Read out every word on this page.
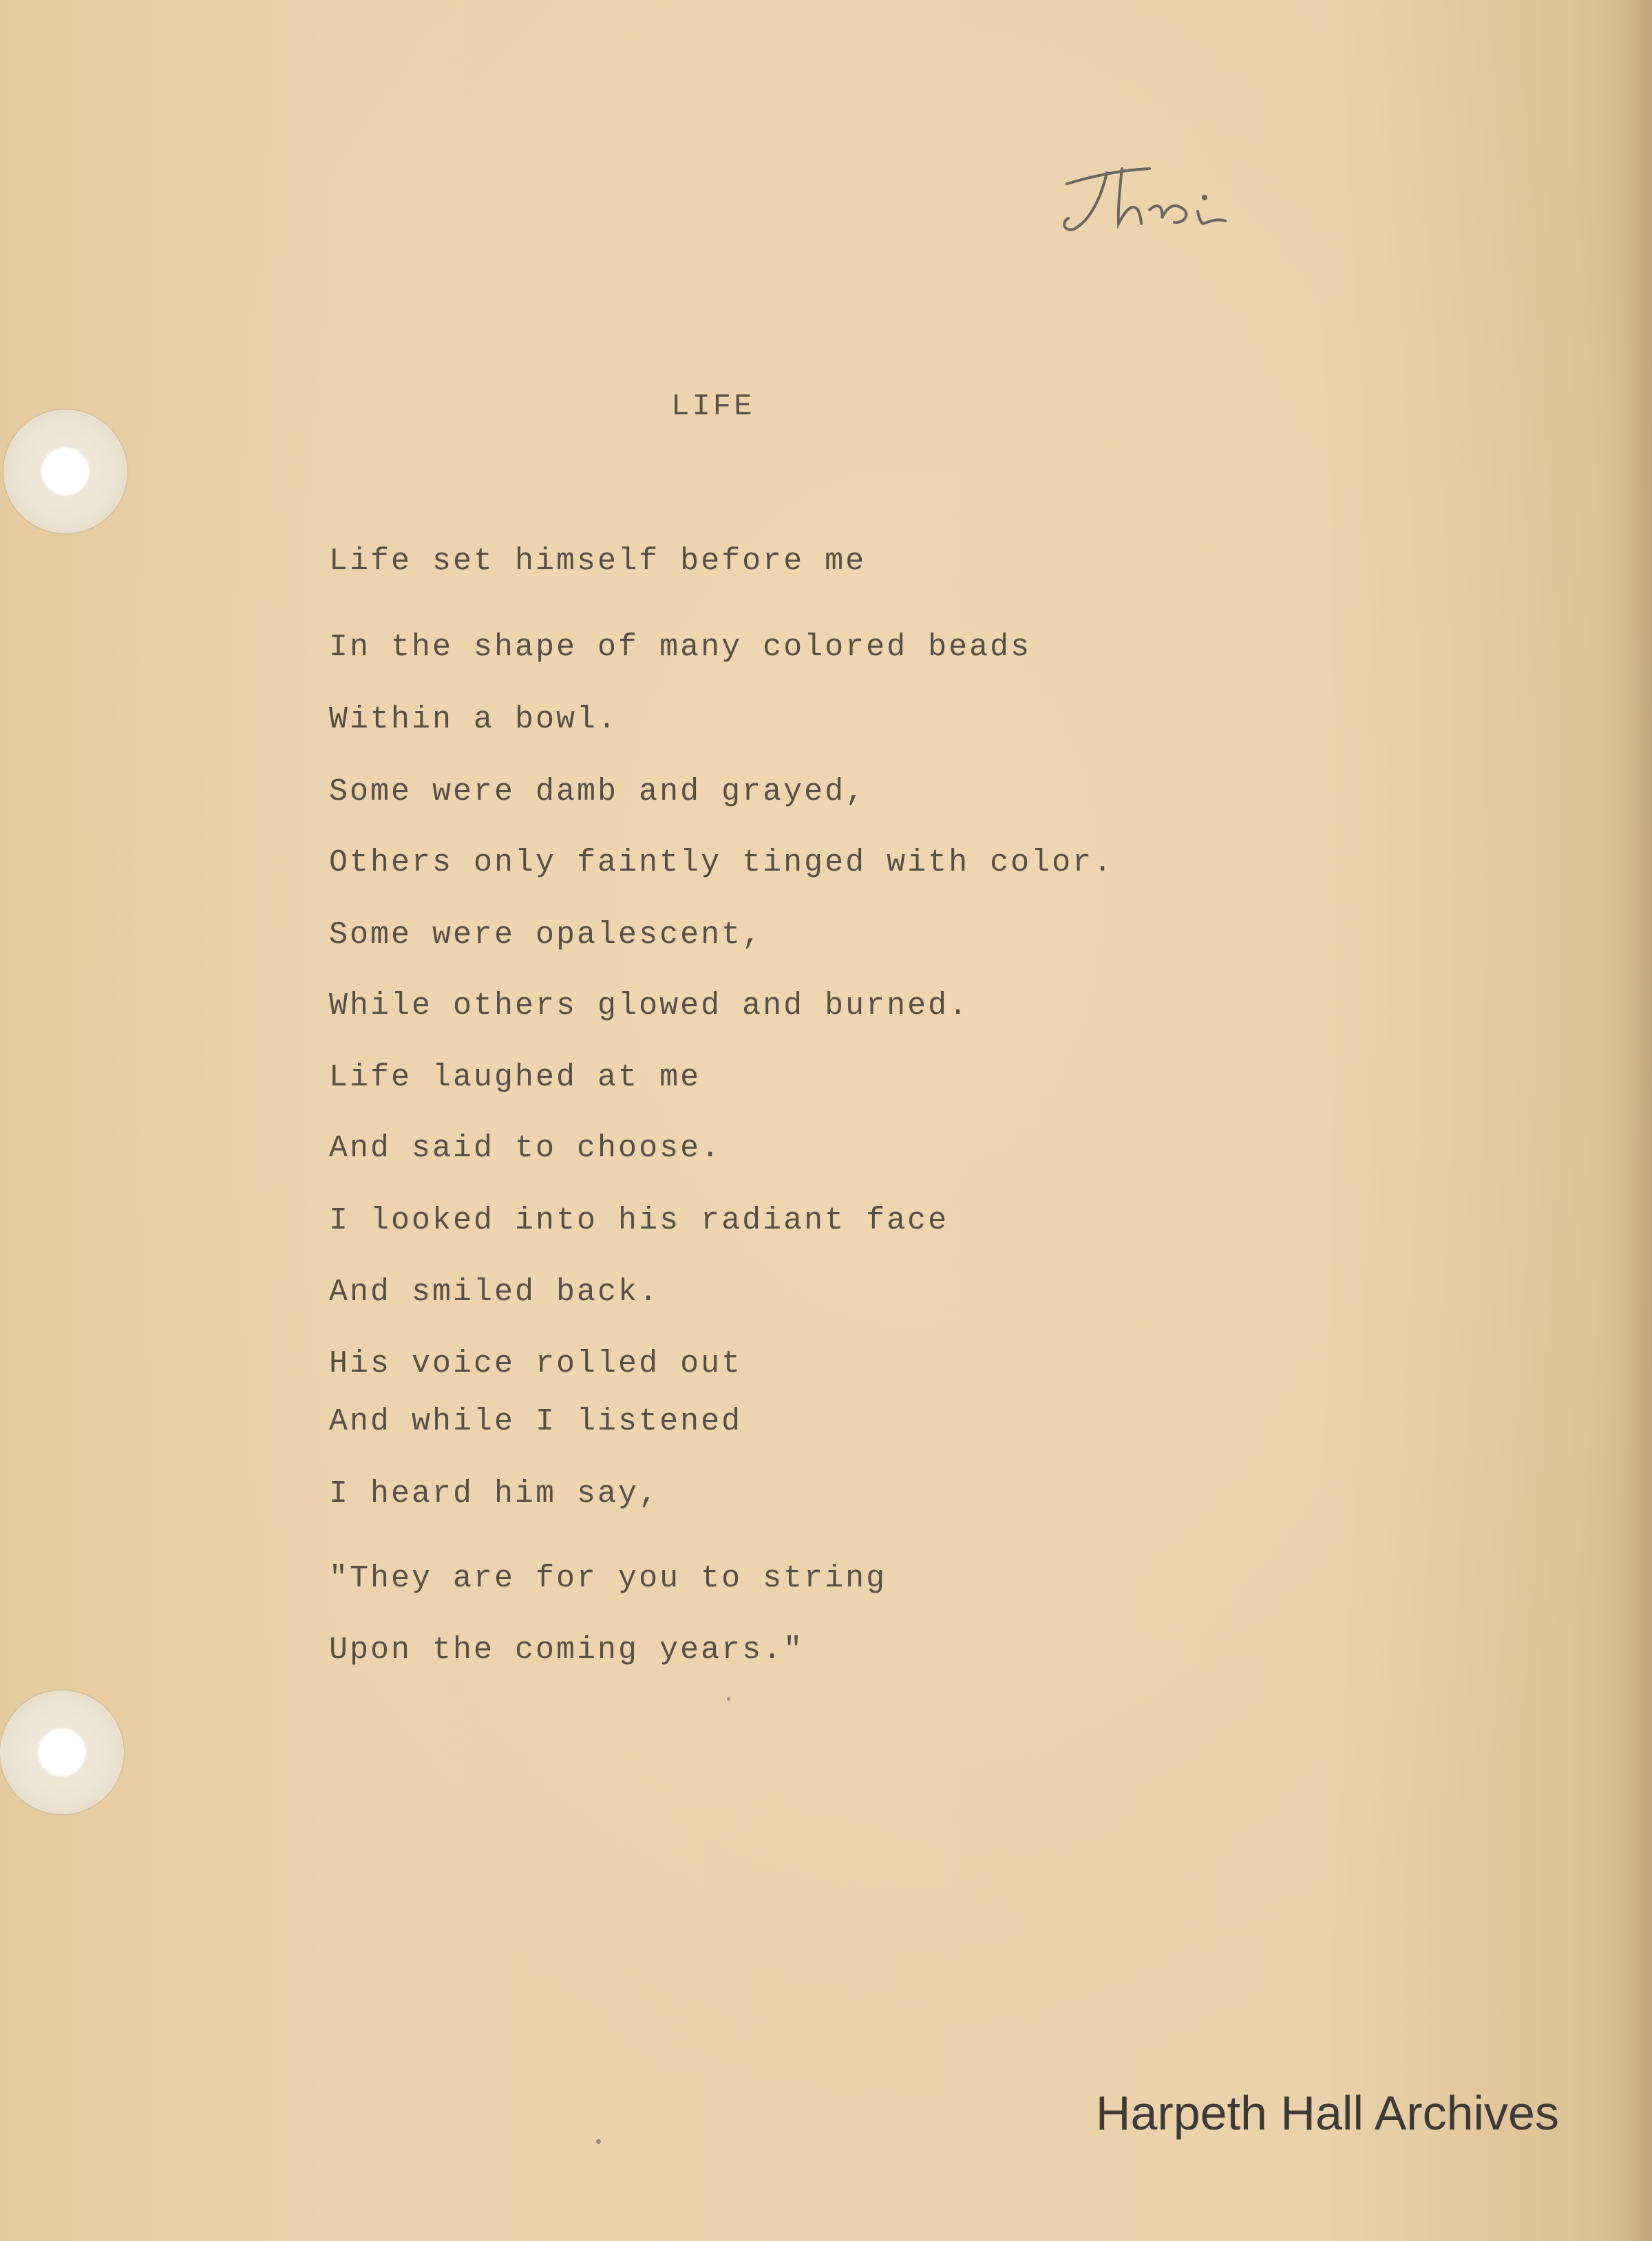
LIFE
Life set himself before me
In the shape of many colored beads
Within a bowl.
Some were damb and grayed,
Others only faintly tinged with color.
Some were opalescent,
While others glowed and burned.
Life laughed at me
And said to choose.
I looked into his radiant face
And smiled back.
His voice rolled out
And while I listened
I heard him say,
"They are for you to string
Upon the coming years."
Harpeth Hall Archives
